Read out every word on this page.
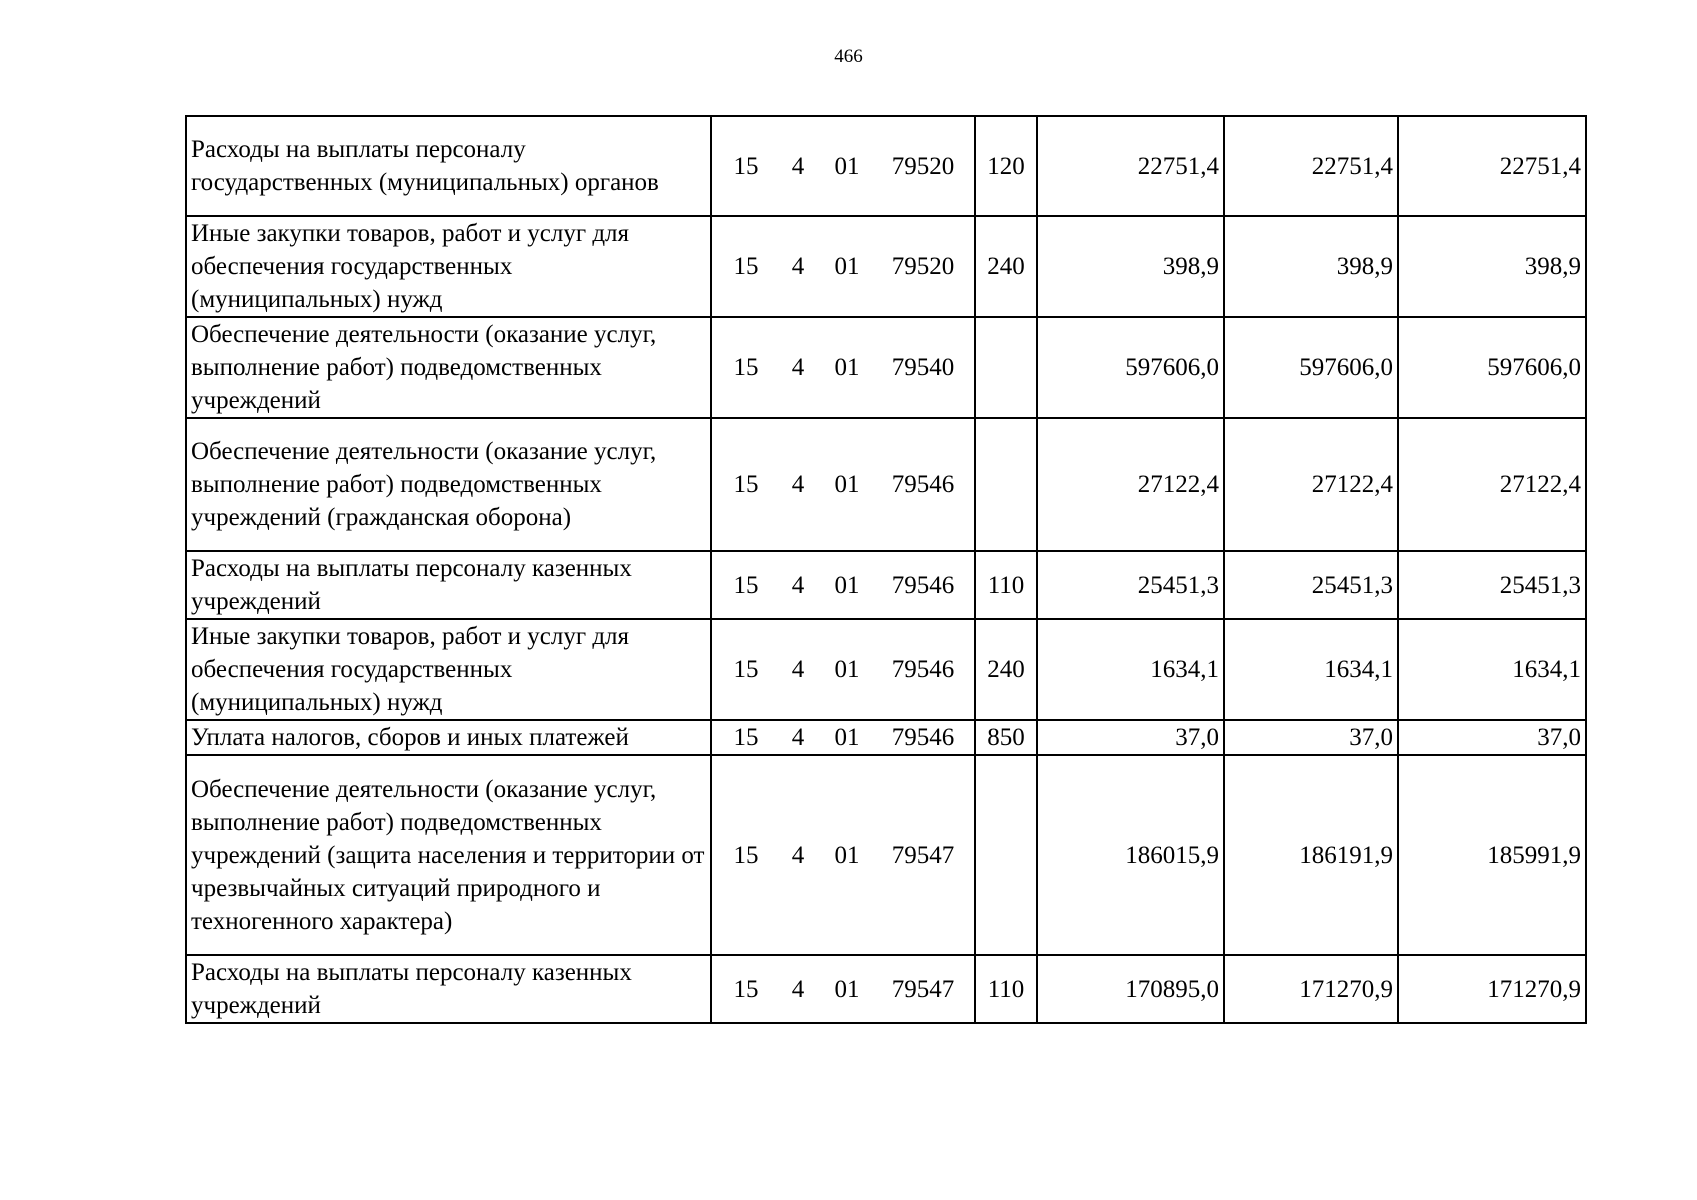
466
Расходы на выплаты персоналу государственных (муниципальных) органов	15 4 01 79520	120	22751,4	22751,4	22751,4
Иные закупки товаров, работ и услуг для обеспечения государственных (муниципальных) нужд	15 4 01 79520	240	398,9	398,9	398,9
Обеспечение деятельности (оказание услуг, выполнение работ) подведомственных учреждений	15 4 01 79540		597606,0	597606,0	597606,0
Обеспечение деятельности (оказание услуг, выполнение работ) подведомственных учреждений (гражданская оборона)	15 4 01 79546		27122,4	27122,4	27122,4
Расходы на выплаты персоналу казенных учреждений	15 4 01 79546	110	25451,3	25451,3	25451,3
Иные закупки товаров, работ и услуг для обеспечения государственных (муниципальных) нужд	15 4 01 79546	240	1634,1	1634,1	1634,1
Уплата налогов, сборов и иных платежей	15 4 01 79546	850	37,0	37,0	37,0
Обеспечение деятельности (оказание услуг, выполнение работ) подведомственных учреждений (защита населения и территории от чрезвычайных ситуаций природного и техногенного характера)	15 4 01 79547		186015,9	186191,9	185991,9
Расходы на выплаты персоналу казенных учреждений	15 4 01 79547	110	170895,0	171270,9	171270,9
